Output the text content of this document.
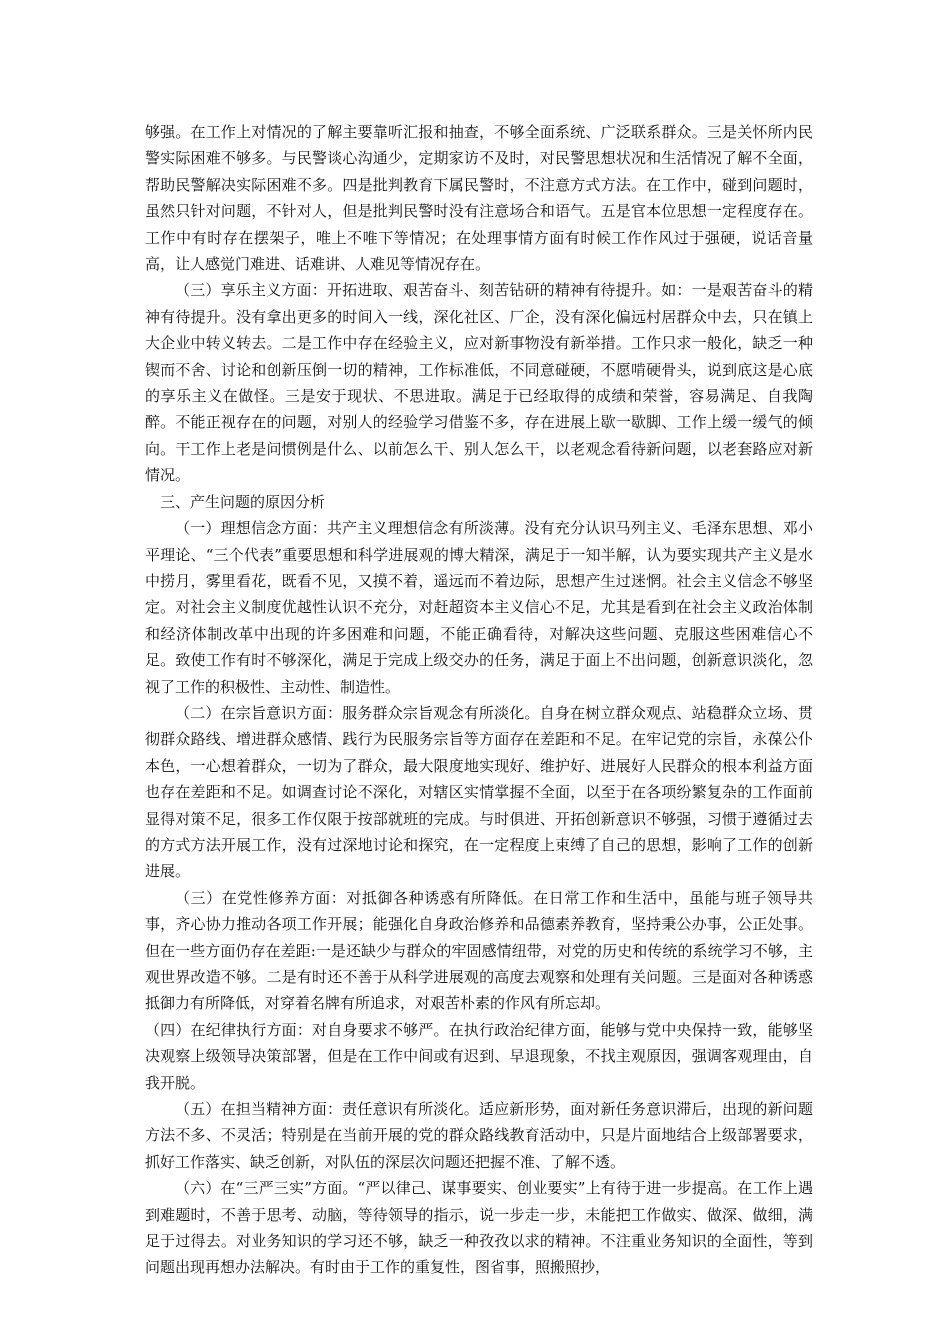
够强。在工作上对情况的了解主要靠听汇报和抽查，不够全面系统、广泛联系群众。三是关怀所内民警实际困难不够多。与民警谈心沟通少，定期家访不及时，对民警思想状况和生活情况了解不全面，帮助民警解决实际困难不多。四是批判教育下属民警时，不注意方式方法。在工作中，碰到问题时，虽然只针对问题，不针对人，但是批判民警时没有注意场合和语气。五是官本位思想一定程度存在。工作中有时存在摆架子，唯上不唯下等情况；在处理事情方面有时候工作作风过于强硬，说话音量高，让人感觉门难进、话难讲、人难见等情况存在。

（三）享乐主义方面：开拓进取、艰苦奋斗、刻苦钻研的精神有待提升。如：一是艰苦奋斗的精神有待提升。没有拿出更多的时间入一线，深化社区、厂企，没有深化偏远村居群众中去，只在镇上大企业中转义转去。二是工作中存在经验主义，应对新事物没有新举措。工作只求一般化，缺乏一种锲而不舍、讨论和创新压倒一切的精神，工作标准低，不同意碰硬，不愿啃硬骨头，说到底这是心底的享乐主义在做怪。三是安于现状、不思进取。满足于已经取得的成绩和荣誉，容易满足、自我陶醉。不能正视存在的问题，对别人的经验学习借鉴不多，存在进展上歇一歇脚、工作上缓一缓气的倾向。干工作上老是问惯例是什么、以前怎么干、别人怎么干，以老观念看待新问题，以老套路应对新情况。

三、产生问题的原因分析

（一）理想信念方面：共产主义理想信念有所淡薄。没有充分认识马列主义、毛泽东思想、邓小平理论、“三个代表”重要思想和科学进展观的博大精深，满足于一知半解，认为要实现共产主义是水中捞月，雾里看花，既看不见，又摸不着，遥远而不着边际，思想产生过迷惘。社会主义信念不够坚定。对社会主义制度优越性认识不充分，对赶超资本主义信心不足，尤其是看到在社会主义政治体制和经济体制改革中出现的许多困难和问题，不能正确看待，对解决这些问题、克服这些困难信心不足。致使工作有时不够深化，满足于完成上级交办的任务，满足于面上不出问题，创新意识淡化，忽视了工作的积极性、主动性、制造性。

（二）在宗旨意识方面：服务群众宗旨观念有所淡化。自身在树立群众观点、站稳群众立场、贯彻群众路线、增进群众感情、践行为民服务宗旨等方面存在差距和不足。在牢记党的宗旨，永葆公仆本色，一心想着群众，一切为了群众，最大限度地实现好、维护好、进展好人民群众的根本利益方面也存在差距和不足。如调查讨论不深化，对辖区实情掌握不全面，以至于在各项纷繁复杂的工作面前显得对策不足，很多工作仅限于按部就班的完成。与时俱进、开拓创新意识不够强，习惯于遵循过去的方式方法开展工作，没有过深地讨论和探究，在一定程度上束缚了自己的思想，影响了工作的创新进展。

（三）在党性修养方面：对抵御各种诱惑有所降低。在日常工作和生活中，虽能与班子领导共事，齐心协力推动各项工作开展；能强化自身政治修养和品德素养教育，坚持秉公办事，公正处事。但在一些方面仍存在差距:一是还缺少与群众的牢固感情纽带，对党的历史和传统的系统学习不够，主观世界改造不够。二是有时还不善于从科学进展观的高度去观察和处理有关问题。三是面对各种诱惑抵御力有所降低，对穿着名牌有所追求，对艰苦朴素的作风有所忘却。

（四）在纪律执行方面：对自身要求不够严。在执行政治纪律方面，能够与党中央保持一致，能够坚决观察上级领导决策部署，但是在工作中间或有迟到、早退现象，不找主观原因，强调客观理由，自我开脱。

（五）在担当精神方面：责任意识有所淡化。适应新形势，面对新任务意识滞后，出现的新问题方法不多、不灵活；特别是在当前开展的党的群众路线教育活动中，只是片面地结合上级部署要求，抓好工作落实、缺乏创新，对队伍的深层次问题还把握不准、了解不透。

（六）在“三严三实”方面。“严以律己、谋事要实、创业要实”上有待于进一步提高。在工作上遇到难题时，不善于思考、动脑，等待领导的指示，说一步走一步，未能把工作做实、做深、做细，满足于过得去。对业务知识的学习还不够，缺乏一种孜孜以求的精神。不注重业务知识的全面性，等到问题出现再想办法解决。有时由于工作的重复性，图省事，照搬照抄，
